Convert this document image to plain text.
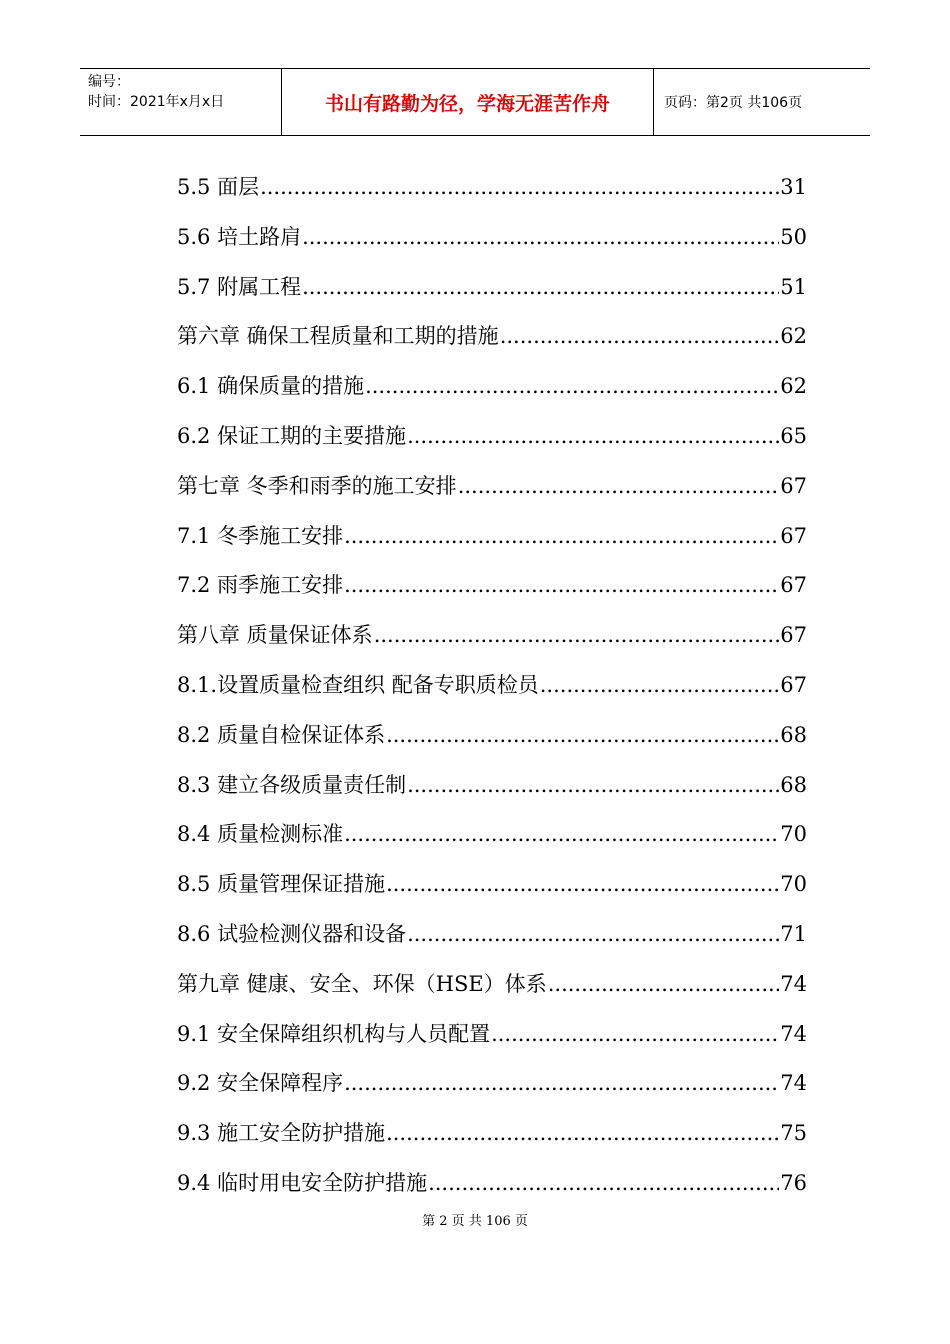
编号：
时间：2021年x月x日	书山有路勤为径，学海无涯苦作舟	页码：第2页 共106页
5.5 面层 .....	31
5.6 培土路肩 .....	50
5.7 附属工程 .....	51
第六章 确保工程质量和工期的措施 .....	62
6.1 确保质量的措施 .....	62
6.2 保证工期的主要措施 .....	65
第七章 冬季和雨季的施工安排 .....	67
7.1 冬季施工安排 .....	67
7.2 雨季施工安排 .....	67
第八章 质量保证体系 .....	67
8.1.设置质量检查组织 配备专职质检员 .....	67
8.2 质量自检保证体系 .....	68
8.3 建立各级质量责任制 .....	68
8.4 质量检测标准 .....	70
8.5 质量管理保证措施 .....	70
8.6 试验检测仪器和设备 .....	71
第九章 健康、安全、环保（HSE）体系 .....	74
9.1 安全保障组织机构与人员配置 .....	74
9.2 安全保障程序 .....	74
9.3 施工安全防护措施 .....	75
9.4 临时用电安全防护措施 .....	76
第 2 页 共 106 页
